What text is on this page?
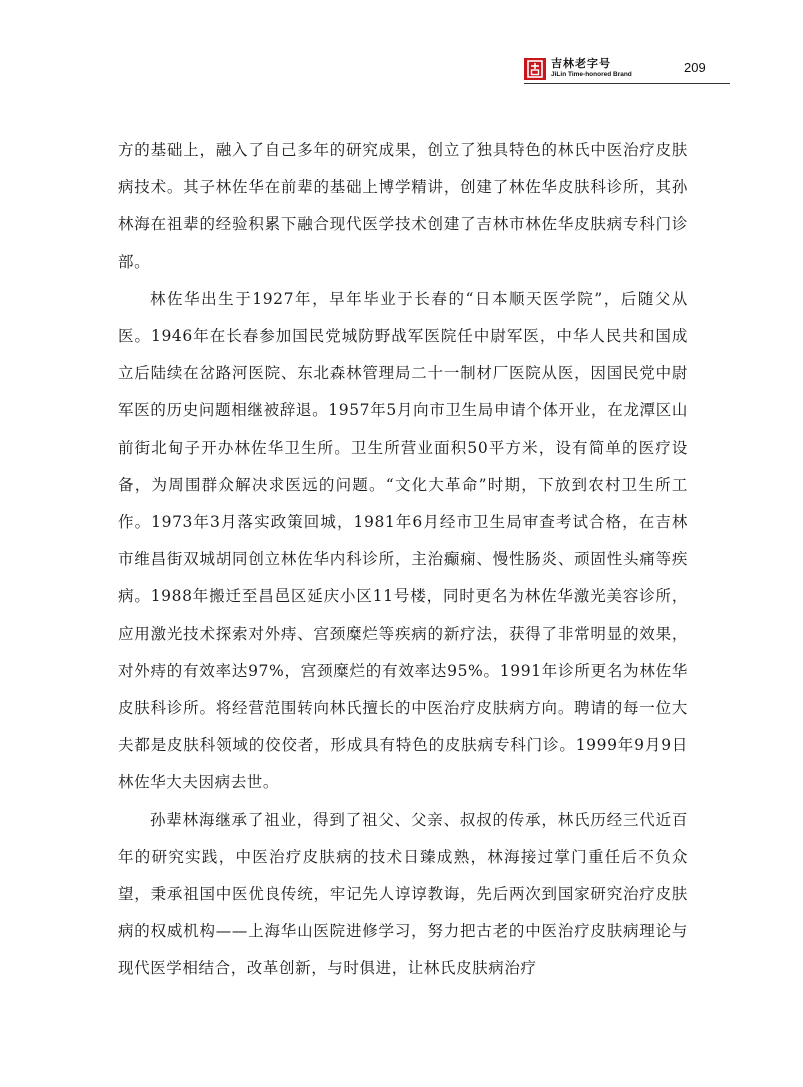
吉林老字号
JiLin Time-honored Brand	209

方的基础上，融入了自己多年的研究成果，创立了独具特色的林氏中医治疗皮肤病技术。其子林佐华在前辈的基础上博学精讲，创建了林佐华皮肤科诊所，其孙林海在祖辈的经验积累下融合现代医学技术创建了吉林市林佐华皮肤病专科门诊部。

林佐华出生于1927年，早年毕业于长春的“日本顺天医学院”，后随父从医。1946年在长春参加国民党城防野战军医院任中尉军医，中华人民共和国成立后陆续在岔路河医院、东北森林管理局二十一制材厂医院从医，因国民党中尉军医的历史问题相继被辞退。1957年5月向市卫生局申请个体开业，在龙潭区山前街北甸子开办林佐华卫生所。卫生所营业面积50平方米，设有简单的医疗设备，为周围群众解决求医远的问题。“文化大革命”时期，下放到农村卫生所工作。1973年3月落实政策回城，1981年6月经市卫生局审查考试合格，在吉林市维昌街双城胡同创立林佐华内科诊所，主治癫痫、慢性肠炎、顽固性头痛等疾病。1988年搬迁至昌邑区延庆小区11号楼，同时更名为林佐华激光美容诊所，应用激光技术探索对外痔、宫颈糜烂等疾病的新疗法，获得了非常明显的效果，对外痔的有效率达97%，宫颈糜烂的有效率达95%。1991年诊所更名为林佐华皮肤科诊所。将经营范围转向林氏擅长的中医治疗皮肤病方向。聘请的每一位大夫都是皮肤科领域的佼佼者，形成具有特色的皮肤病专科门诊。1999年9月9日林佐华大夫因病去世。

孙辈林海继承了祖业，得到了祖父、父亲、叔叔的传承，林氏历经三代近百年的研究实践，中医治疗皮肤病的技术日臻成熟，林海接过掌门重任后不负众望，秉承祖国中医优良传统，牢记先人谆谆教诲，先后两次到国家研究治疗皮肤病的权威机构——上海华山医院进修学习，努力把古老的中医治疗皮肤病理论与现代医学相结合，改革创新，与时俱进，让林氏皮肤病治疗
